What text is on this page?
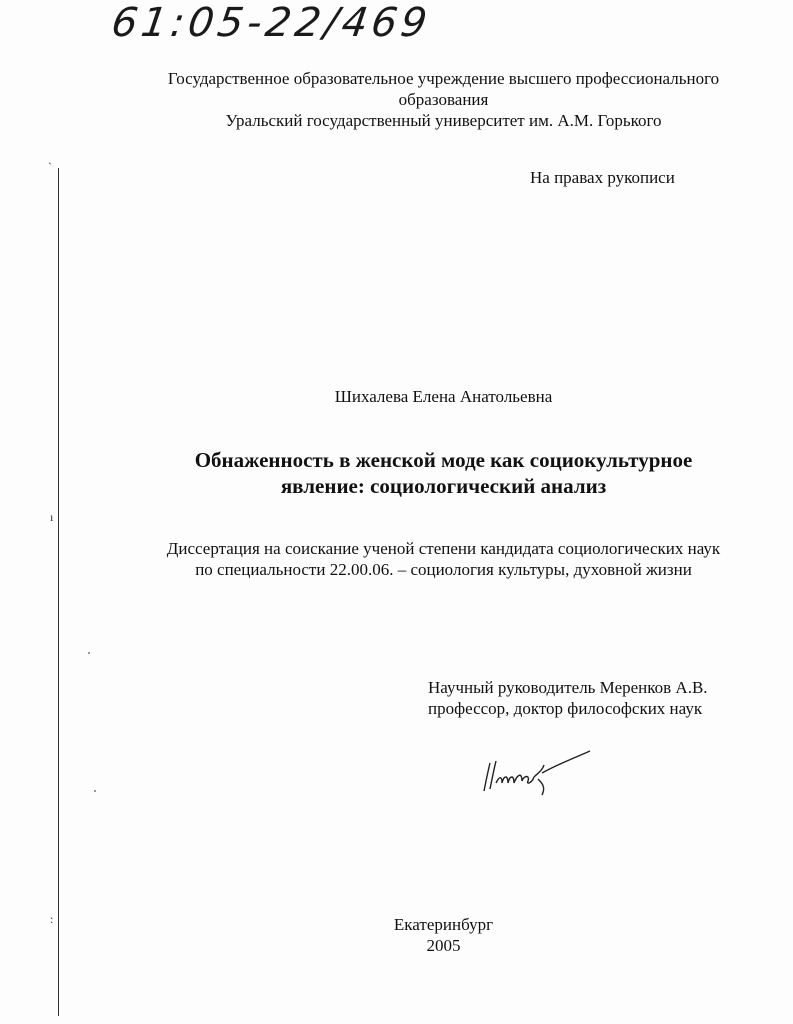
61:05-22/469
ˋ
ı
:
Государственное образовательное учреждение высшего профессионального
образования
Уральский государственный университет им. А.М. Горького
На правах рукописи
Шихалева Елена Анатольевна
Обнаженность в женской моде как социокультурное
явление: социологический анализ
Диссертация на соискание ученой степени кандидата социологических наук
по специальности 22.00.06. – социология культуры, духовной жизни
Научный руководитель Меренков А.В.
профессор, доктор философских наук
Екатеринбург
2005
